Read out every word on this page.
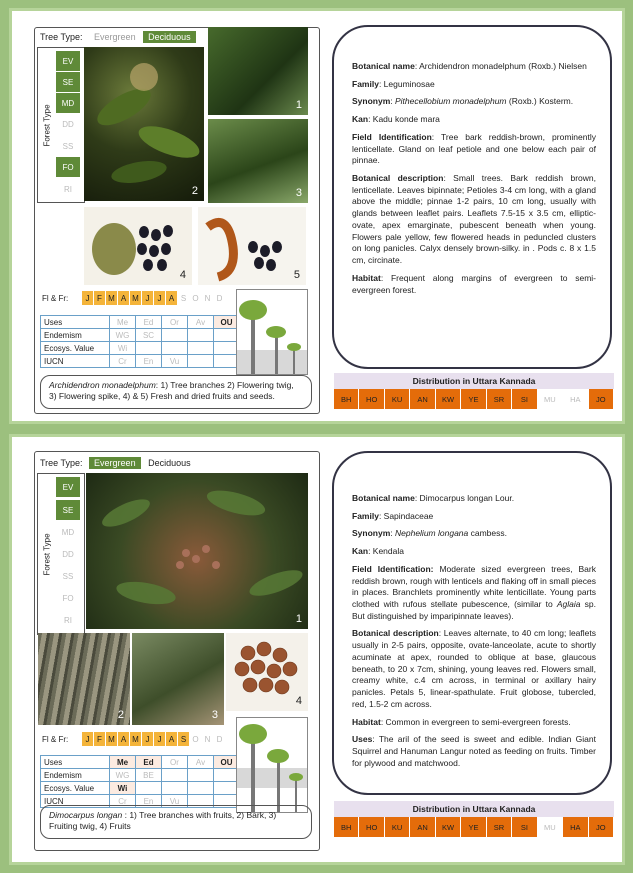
Tree Type: Evergreen Deciduous
Forest Type
EV
SE
MD
DD
SS
FO
RI	2
1
3
4	5
Fl & Fr:	J F M A M J	J A S O N D
Uses	Me	Ed	Or	Av	OU
Endemism	WG	SC			
Ecosys. Value	Wi				
IUCN	Cr	En	Vu		
Archidendron monadelphum: 1) Tree branches 2) Flowering twig, 3) Flowering spike, 4) & 5) Fresh and dried fruits and seeds.

Botanical name: Archidendron monadelphum (Roxb.) Nielsen

Family: Leguminosae

Synonym: Pithecellobium monadelphum (Roxb.) Kosterm.

Kan: Kadu konde mara

Field Identification: Tree bark reddish-brown, prominently lenticellate. Gland on leaf petiole and one below each pair of pinnae.

Botanical description: Small trees. Bark reddish brown, lenticellate. Leaves bipinnate; Petioles 3-4 cm long, with a gland above the middle; pinnae 1-2 pairs, 10 cm long, usually with glands between leaflet pairs. Leaflets 7.5-15 x 3.5 cm, elliptic-ovate, apex emarginate, pubescent beneath when young. Flowers pale yellow, few flowered heads in peduncled clusters on long panicles. Calyx densely brown-silky. in . Pods c. 8 x 1.5 cm, circinate.

Habitat: Frequent along margins of evergreen to semi-evergreen forest.

Distribution in Uttara Kannada
BH	HO	KU	AN	KW	YE	SR	SI	MU	HA	JO
Tree Type: Evergreen Deciduous
Forest Type
EV
SE
MD
DD
SS
FO
RI	1
2	3
4
Fl & Fr:	J F M A M J	J A S O N D
Uses	Me	Ed	Or	Av	OU
Endemism	WG	BE			
Ecosys. Value	Wi				
IUCN	Cr	En	Vu		
Dimocarpus longan : 1) Tree branches with fruits, 2) Bark, 3) Fruiting twig, 4) Fruits

Botanical name: Dimocarpus longan Lour.

Family: Sapindaceae

Synonym: Nephelium longana cambess.

Kan: Kendala

Field Identification: Moderate sized evergreen trees, Bark reddish brown, rough with lenticels and flaking off in small pieces in places. Branchlets prominently white lenticillate. Young parts clothed with rufous stellate pubescence, (similar to Aglaia sp. But distinguished by imparipinnate leaves).

Botanical description: Leaves alternate, to 40 cm long; leaflets usually in 2-5 pairs, opposite, ovate-lanceolate, acute to shortly acuminate at apex, rounded to oblique at base, glaucous beneath, to 20 x 7cm, shining, young leaves red. Flowers small, creamy white, c.4 cm across, in terminal or axillary hairy panicles. Petals 5, linear-spathulate. Fruit globose, tubercled, red, 1.5-2 cm across.

Habitat: Common in evergreen to semi-evergreen forests.

Uses: The aril of the seed is sweet and edible. Indian Giant Squirrel and Hanuman Langur noted as feeding on fruits. Timber for plywood and matchwood.

Distribution in Uttara Kannada
BH	HO	KU	AN	KW	YE	SR	SI	MU	HA	JO
